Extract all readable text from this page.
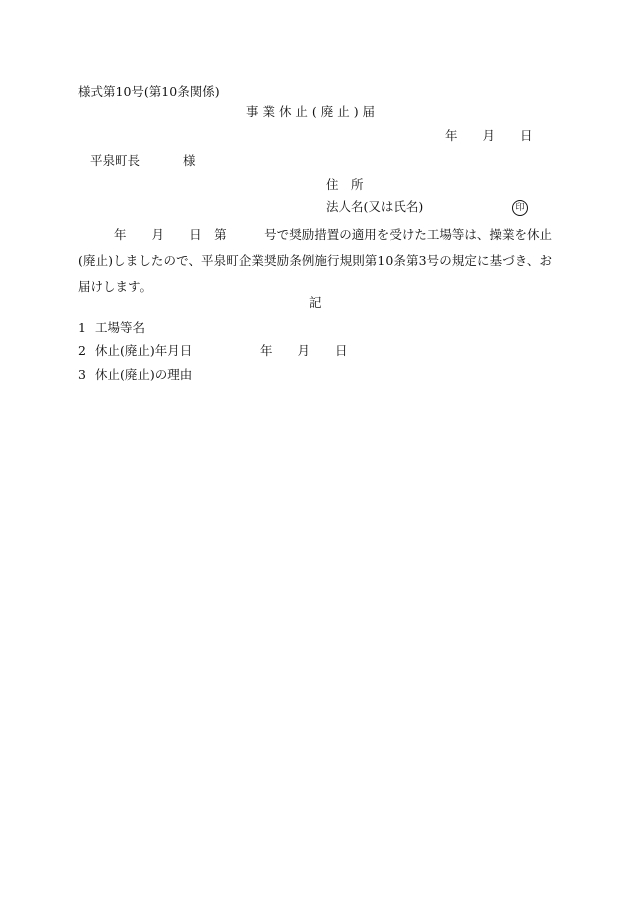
様式第10号(第10条関係)
事 業 休 止 ( 廃 止 ) 届
年　　月　　日
平泉町長	様
住　所
法人名(又は氏名)	印
年　　月　　日　第　　　号で奨励措置の適用を受けた工場等は、操業を休止(廃止)しましたので、平泉町企業奨励条例施行規則第10条第3号の規定に基づき、お届けします。
記
1 工場等名
2 休止(廃止)年月日	年　　月　　日
3 休止(廃止)の理由
